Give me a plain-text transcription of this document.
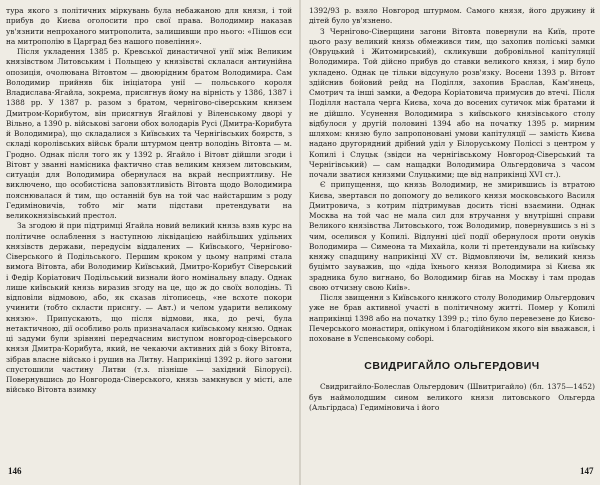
тура якого з політичних міркувань була небажаною для князя, і той прибув до Києва оголосити про свої права. Володимир наказав ув'язнити непроханого митрополита, залишивши про нього: «Пішов єси на митрополію в Царград без нашого повеління».

Після укладення 1385 р. Кревської династичної унії між Великим князівством Литовським і Польщею у князівстві склалася антиунійна опозиція, очолювана Вітовтом — двоюрідним братом Володимира. Сам Володимир прийняв бік ініціатора унії — польського короля Владислава-Ягайла, зокрема, присягнув йому на вірність у 1386, 1387 і 1388 рр. У 1387 р. разом з братом, чернігово-сіверським князем Дмитром-Корибутом, він присягнув Ягайлові у Віленському дворі у Вільно, а 1390 р. військові загони обох володарів Русі (Дмитра-Корибута й Володимира), що складалися з Київських та Чернігівських боярств, з складі королівських військ брали штурмом центр володінь Вітовта — м. Гродно. Однак після того як у 1392 р. Ягайло і Вітовт дійшли згоди і Вітовт у званні намісника фактично став великим князем литовським, ситуація для Володимира обернулася на вкрай несприятливу. Не виключено, що особистісна заповзятливість Вітовта щодо Володимира пояснювалася й тим, що останній був на той час найстаршим з роду Гедиміновичів, тобто міг мати підстави претендувати на великокнязівський престол.

За згодою й при підтримці Ягайла новий великий князь взяв курс на політичне ослаблення з наступною ліквідацією найбільших удільних князівств держави, передусім віддалених — Київського, Чернігово-Сіверського й Подільського. Першим кроком у цьому напрямі стала вимога Вітовта, аби Володимир Київський, Дмитро-Корибут Сіверський і Федір Коріатович Подільський визнали його номінальну владу. Однак лише київський князь виразив згоду на це, що ж до своїх володінь. Ті відповіли відмовою, або, як сказав літописець, «не всхоте покори учинити (тобто скласти присягу. — Авт.) и челом ударити великому князю». Припускають, що після відмови, яка, до речі, була нетактичною, дії особливо роль призначалася київському князю. Однак ці задуми були зрівняні передчасним виступом новгород-сіверського князя Дмитра-Корибута, який, не чекаючи активних дій з боку Вітовта, зібрав власне військо і рушив на Литву. Наприкінці 1392 р. його загони спустошили частину Литви (т.з. пізніше — західний Білорусі). Повернувшись до Новгорода-Сіверського, князь замкнувся у місті, але військо Вітовта взимку

146

1392/93 р. взяло Новгород штурмом. Самого князя, його дружину й дітей було ув'язнено.

З Чернігово-Сіверщини загони Вітовта повернули на Київ, проте цього разу великий князь обмежився тим, що захопив поліські замки (Овруцький і Житомирський), скликувши добровільної капітуляції Володимира. Той дійсно прибув до ставки великого князя, і мир було укладено. Однак це тільки відсунуло розв'язку. Восени 1393 р. Вітовт здійснив бойовий рейд на Поділля, захопив Браслав, Кам'янець, Смотрич та інші замки, а Федора Коріатовича примусив до втечі. Після Поділля настала черга Києва, хоча до восених сутичок між братами й не дійшло. Усунення Володимира з київського князівського столу відбулося у другій половині 1394 або на початку 1395 р. мирним шляхом: князю було запропоновані умови капітуляції — замість Києва надано другорядний дрібний уділ у Білоруському Поліссі з центром у Копилі і Слуцьк (звідси на чернігівському Новгород-Сіверський та Чернігівський) — сам нащадки Володимира Ольгердовича з часом почали зватися князями Слуцькими; ще від наприкінці XVI ст.).

Є припущення, що князь Володимир, не змирившись із втратою Києва, звертався по допомогу до великого князя московського Василя Дмитровича, з котрим підтримував досить тісні взаємини. Однак Москва на той час не мала сил для втручання у внутрішні справи Великого князівства Литовського, тож Володимир, повернувшись з ні з чим, оселився у Копилі. Відлунні цієї події обернулося проти онуків Володимира — Симеона та Михайла, коли ті претендували на київську княжу спадщину наприкінці XV ст. Відмовляючи їм, великий князь буцімто зауважив, що «діда їхнього князя Володимира зі Києва як зрадника було вигнано, бо Володимир бігав на Москву і там продав свою отчизну свою Київ».

Після звищення з Київського княжого столу Володимир Ольгердович уже не брав активної участі в політичному житті. Помер у Копилі наприкінці 1398 або на початку 1399 р.; тіло було перевезене до Києво-Печерського монастиря, опікуном і благодійником якого він вважався, і поховане в Успенському соборі.

СВИДРИГАЙЛО ОЛЬГЕРДОВИЧ

Свидригайло-Болеслав Ольгердович (Швитригайло) (бл. 1375—1452) був наймолодшим сином великого князя литовського Ольгерда (Альгірдаса) Гедиміновича і його

147
